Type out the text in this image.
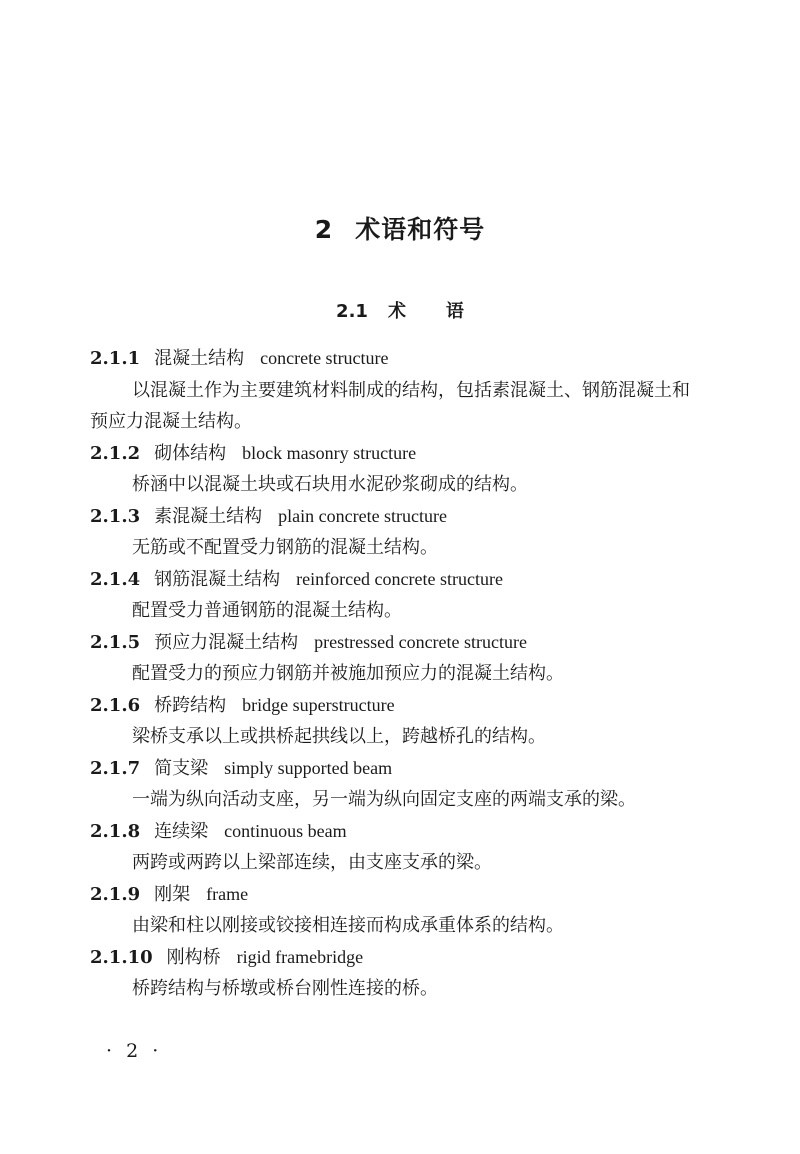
2 术语和符号
2.1 术语
2.1.1 混凝土结构 concrete structure

以混凝土作为主要建筑材料制成的结构，包括素混凝土、钢筋混凝土和预应力混凝土结构。

2.1.2 砌体结构 block masonry structure

桥涵中以混凝土块或石块用水泥砂浆砌成的结构。

2.1.3 素混凝土结构 plain concrete structure

无筋或不配置受力钢筋的混凝土结构。

2.1.4 钢筋混凝土结构 reinforced concrete structure

配置受力普通钢筋的混凝土结构。

2.1.5 预应力混凝土结构 prestressed concrete structure

配置受力的预应力钢筋并被施加预应力的混凝土结构。

2.1.6 桥跨结构 bridge superstructure

梁桥支承以上或拱桥起拱线以上，跨越桥孔的结构。

2.1.7 简支梁 simply supported beam

一端为纵向活动支座，另一端为纵向固定支座的两端支承的梁。

2.1.8 连续梁 continuous beam

两跨或两跨以上梁部连续，由支座支承的梁。

2.1.9 刚架 frame

由梁和柱以刚接或铰接相连接而构成承重体系的结构。

2.1.10 刚构桥 rigid framebridge

桥跨结构与桥墩或桥台刚性连接的桥。

· 2 ·
